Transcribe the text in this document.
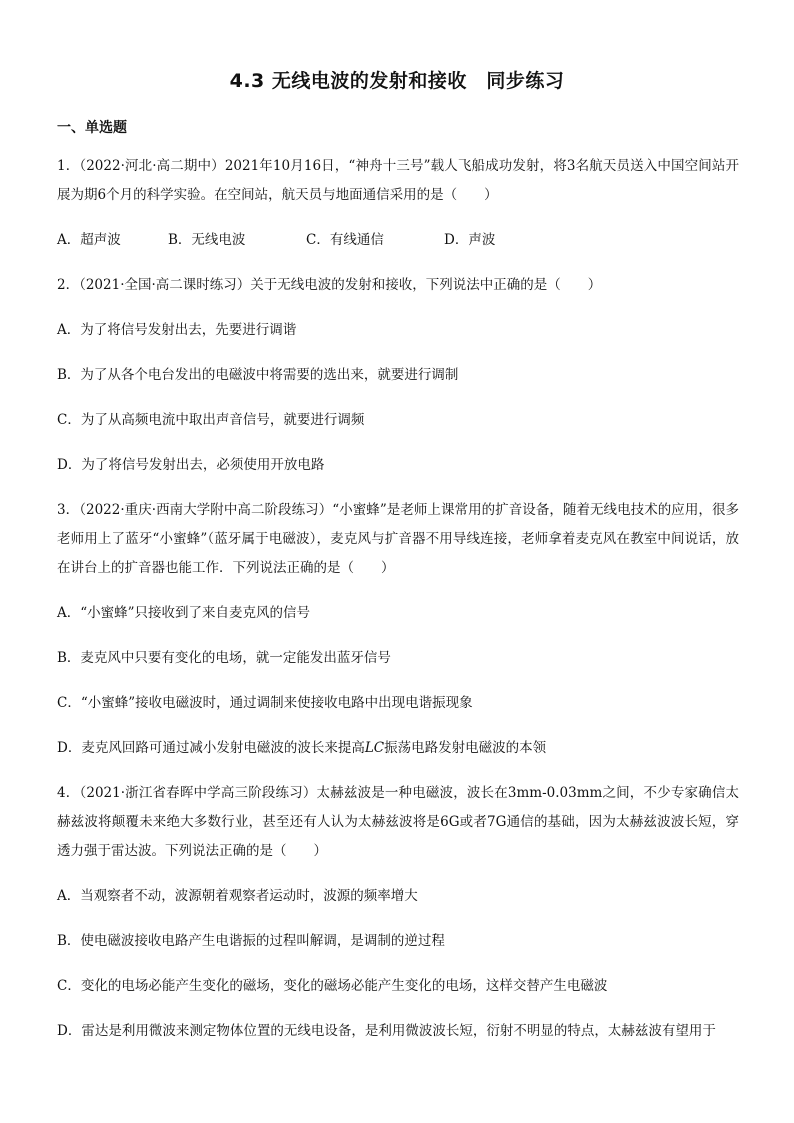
4.3 无线电波的发射和接收　同步练习
一、单选题

1．（2022·河北·高二期中）2021年10月16日，“神舟十三号”载人飞船成功发射，将3名航天员送入中国空间站开展为期6个月的科学实验。在空间站，航天员与地面通信采用的是（　　）

A．超声波	B．无线电波	C．有线通信	D．声波

2．（2021·全国·高二课时练习）关于无线电波的发射和接收，下列说法中正确的是（　　）

A．为了将信号发射出去，先要进行调谐
B．为了从各个电台发出的电磁波中将需要的选出来，就要进行调制
C．为了从高频电流中取出声音信号，就要进行调频
D．为了将信号发射出去，必须使用开放电路

3．（2022·重庆·西南大学附中高二阶段练习）“小蜜蜂”是老师上课常用的扩音设备，随着无线电技术的应用，很多老师用上了蓝牙“小蜜蜂”（蓝牙属于电磁波），麦克风与扩音器不用导线连接，老师拿着麦克风在教室中间说话，放在讲台上的扩音器也能工作．下列说法正确的是（　　）

A．“小蜜蜂”只接收到了来自麦克风的信号
B．麦克风中只要有变化的电场，就一定能发出蓝牙信号
C．“小蜜蜂”接收电磁波时，通过调制来使接收电路中出现电谐振现象
D．麦克风回路可通过减小发射电磁波的波长来提高LC振荡电路发射电磁波的本领

4．（2021·浙江省春晖中学高三阶段练习）太赫兹波是一种电磁波，波长在3mm-0.03mm之间，不少专家确信太赫兹波将颠覆未来绝大多数行业，甚至还有人认为太赫兹波将是6G或者7G通信的基础，因为太赫兹波波长短，穿透力强于雷达波。下列说法正确的是（　　）

A．当观察者不动，波源朝着观察者运动时，波源的频率增大
B．使电磁波接收电路产生电谐振的过程叫解调，是调制的逆过程
C．变化的电场必能产生变化的磁场，变化的磁场必能产生变化的电场，这样交替产生电磁波
D．雷达是利用微波来测定物体位置的无线电设备，是利用微波波长短，衍射不明显的特点，太赫兹波有望用于
